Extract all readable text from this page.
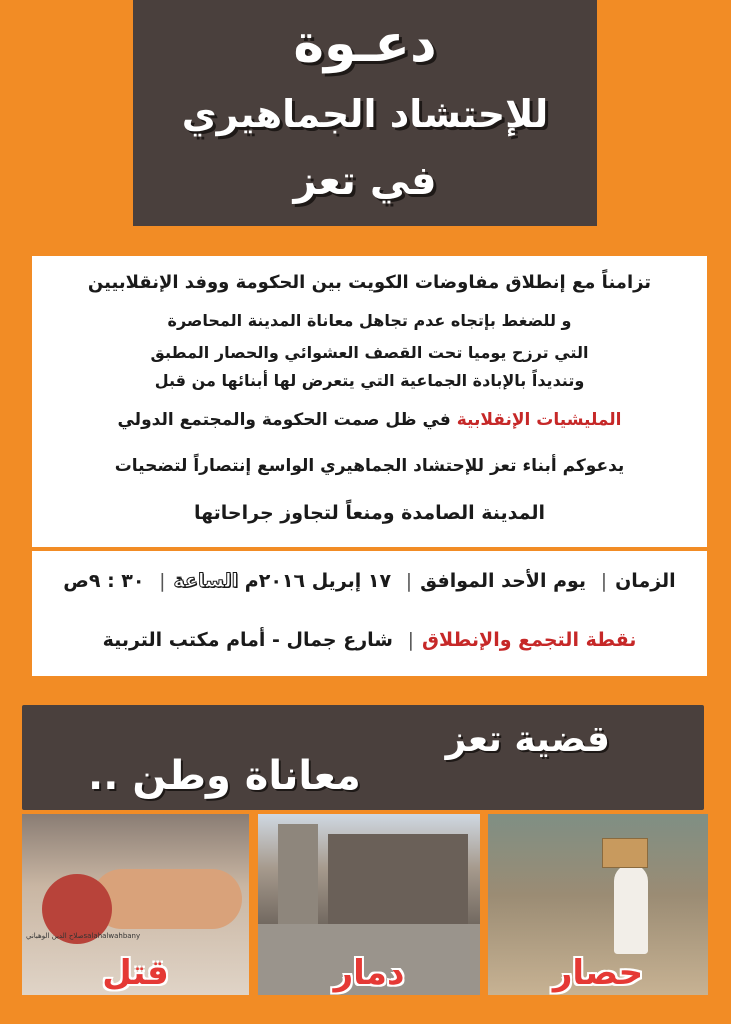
دعـوة
للإحتشاد الجماهيري
في تعز
تزامناً مع إنطلاق مفاوضات الكويت بين الحكومة ووفد الإنقلابيين
و للضغط بإتجاه عدم تجاهل معاناة المدينة المحاصرة
التي ترزح يوميا تحت القصف العشوائي والحصار المطبق
وتنديداً بالإبادة الجماعية التي يتعرض لها أبنائها من قبل
المليشيات الإنقلابية في ظل صمت الحكومة والمجتمع الدولي
يدعوكم أبناء تعز للإحتشاد الجماهيري الواسع إنتصاراً لتضحيات
المدينة الصامدة ومنعاً لتجاوز جراحاتها
الزمان| يوم الأحد الموافق| ١٧ إبريل ٢٠١٦م الساعة| ٣٠ : ٩ص
نقطة التجمع والإنطلاق| شارع جمال - أمام مكتب التربية
قضية تعز
معاناة وطن ..
صلاح الدين الوهبانيsalahalwahbany
قتل	دمار	حصار
